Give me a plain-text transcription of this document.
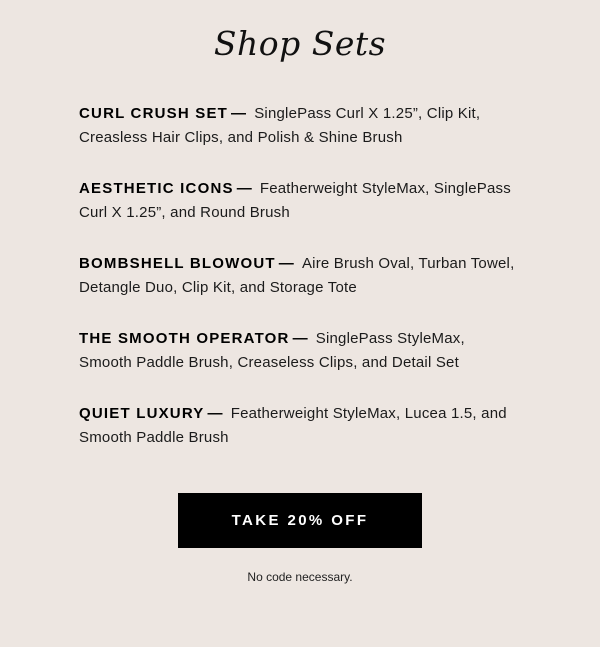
Shop Sets

CURL CRUSH SET — SinglePass Curl X 1.25”, Clip Kit, Creasless Hair Clips, and Polish & Shine Brush

AESTHETIC ICONS — Featherweight StyleMax, SinglePass Curl X 1.25”, and Round Brush

BOMBSHELL BLOWOUT — Aire Brush Oval, Turban Towel, Detangle Duo, Clip Kit, and Storage Tote

THE SMOOTH OPERATOR — SinglePass StyleMax, Smooth Paddle Brush, Creaseless Clips, and Detail Set

QUIET LUXURY — Featherweight StyleMax, Lucea 1.5, and Smooth Paddle Brush

TAKE 20% OFF

No code necessary.
